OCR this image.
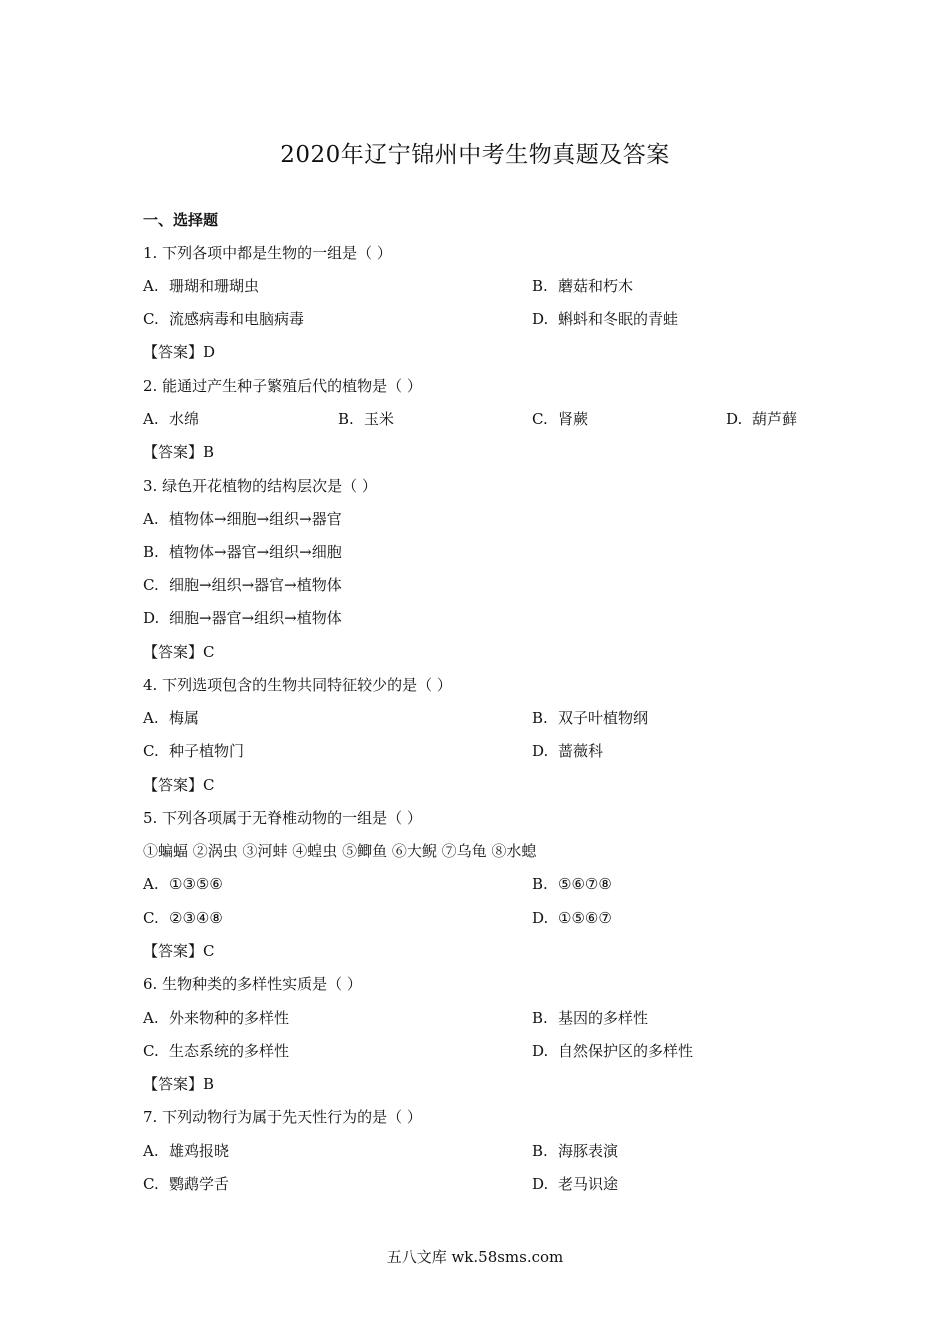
2020年辽宁锦州中考生物真题及答案
一、选择题
1. 下列各项中都是生物的一组是（ ）
A. 珊瑚和珊瑚虫	B. 蘑菇和朽木
C. 流感病毒和电脑病毒	D. 蝌蚪和冬眠的青蛙
【答案】D
2. 能通过产生种子繁殖后代的植物是（ ）
A. 水绵	B. 玉米	C. 肾蕨	D. 葫芦藓
【答案】B
3. 绿色开花植物的结构层次是（ ）
A. 植物体→细胞→组织→器官
B. 植物体→器官→组织→细胞
C. 细胞→组织→器官→植物体
D. 细胞→器官→组织→植物体
【答案】C
4. 下列选项包含的生物共同特征较少的是（ ）
A. 梅属	B. 双子叶植物纲
C. 种子植物门	D. 蔷薇科
【答案】C
5. 下列各项属于无脊椎动物的一组是（ ）
①蝙蝠 ②涡虫 ③河蚌 ④蝗虫 ⑤鲫鱼 ⑥大鲵 ⑦乌龟 ⑧水螅
A. ①③⑤⑥	B. ⑤⑥⑦⑧
C. ②③④⑧	D. ①⑤⑥⑦
【答案】C
6. 生物种类的多样性实质是（ ）
A. 外来物种的多样性	B. 基因的多样性
C. 生态系统的多样性	D. 自然保护区的多样性
【答案】B
7. 下列动物行为属于先天性行为的是（ ）
A. 雄鸡报晓	B. 海豚表演
C. 鹦鹉学舌	D. 老马识途
五八文库 wk.58sms.com
